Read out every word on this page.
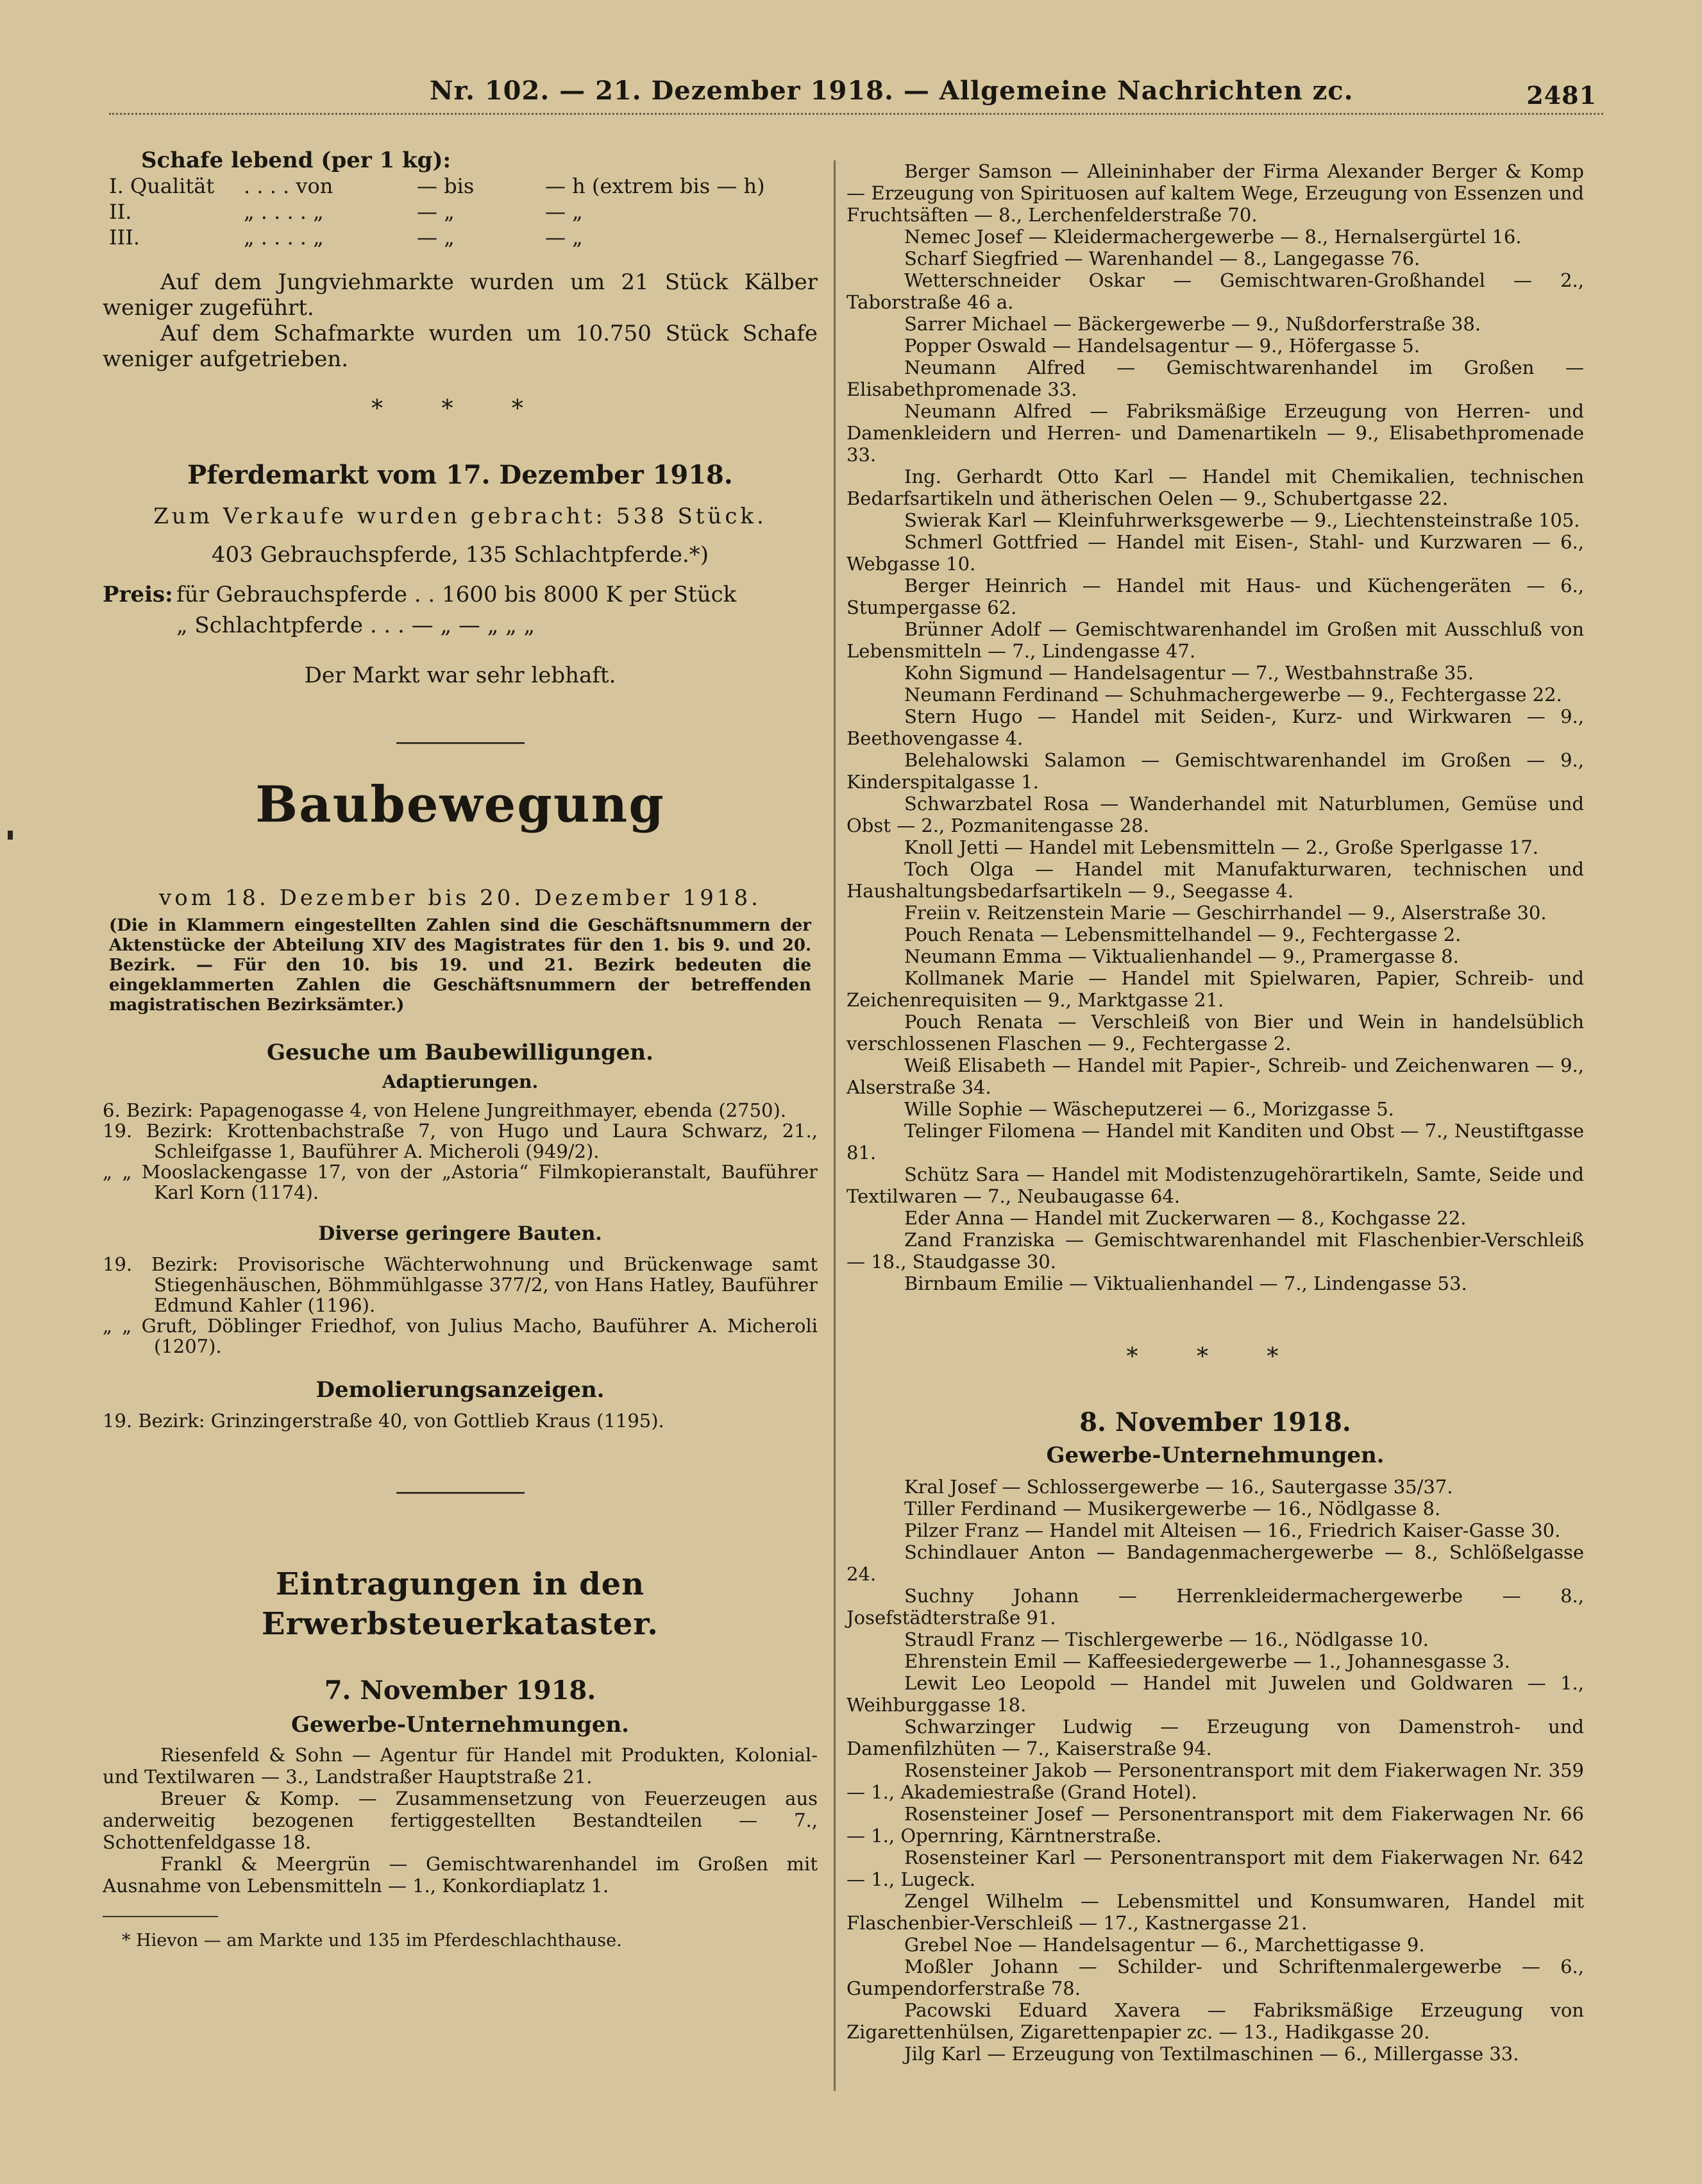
Nr. 102. — 21. Dezember 1918. — Allgemeine Nachrichten zc.	2481

Schafe lebend (per 1 kg):

I. Qualität	. . . . von	— bis	— h (extrem bis — h)
II.	„ . . . . „	— „	— „
III.	„ . . . . „	— „	— „

Auf dem Jungviehmarkte wurden um 21 Stück Kälber weniger zugeführt.

Auf dem Schafmarkte wurden um 10.750 Stück Schafe weniger aufgetrieben.

* * *

Pferdemarkt vom 17. Dezember 1918.

Zum Verkaufe wurden gebracht: 538 Stück.

403 Gebrauchspferde, 135 Schlachtpferde.*)

Preis:	für Gebrauchspferde . . 1600 bis 8000 K per Stück
	„ Schlachtpferde . . . — „ — „ „ „

Der Markt war sehr lebhaft.

Baubewegung

vom 18. Dezember bis 20. Dezember 1918.

(Die in Klammern eingestellten Zahlen sind die Geschäftsnummern der Aktenstücke der Abteilung XIV des Magistrates für den 1. bis 9. und 20. Bezirk. — Für den 10. bis 19. und 21. Bezirk bedeuten die eingeklammerten Zahlen die Geschäftsnummern der betreffenden magistratischen Bezirksämter.)

Gesuche um Baubewilligungen.

Adaptierungen.

6. Bezirk: Papagenogasse 4, von Helene Jungreithmayer, ebenda (2750).

19. Bezirk: Krottenbachstraße 7, von Hugo und Laura Schwarz, 21., Schleifgasse 1, Bauführer A. Micheroli (949/2).

„ „ Mooslackengasse 17, von der „Astoria“ Filmkopieranstalt, Bauführer Karl Korn (1174).

Diverse geringere Bauten.

19. Bezirk: Provisorische Wächterwohnung und Brückenwage samt Stiegenhäuschen, Böhmmühlgasse 377/2, von Hans Hatley, Bauführer Edmund Kahler (1196).

„ „ Gruft, Döblinger Friedhof, von Julius Macho, Bauführer A. Micheroli (1207).

Demolierungsanzeigen.

19. Bezirk: Grinzingerstraße 40, von Gottlieb Kraus (1195).

Eintragungen in den Erwerbsteuerkataster.

7. November 1918.

Gewerbe-Unternehmungen.

Riesenfeld & Sohn — Agentur für Handel mit Produkten, Kolonial- und Textilwaren — 3., Landstraßer Hauptstraße 21.

Breuer & Komp. — Zusammensetzung von Feuerzeugen aus anderweitig bezogenen fertiggestellten Bestandteilen — 7., Schottenfeldgasse 18.

Frankl & Meergrün — Gemischtwarenhandel im Großen mit Ausnahme von Lebensmitteln — 1., Konkordiaplatz 1.

* Hievon — am Markte und 135 im Pferdeschlachthause.

Berger Samson — Alleininhaber der Firma Alexander Berger & Komp — Erzeugung von Spirituosen auf kaltem Wege, Erzeugung von Essenzen und Fruchtsäften — 8., Lerchenfelderstraße 70.

Nemec Josef — Kleidermachergewerbe — 8., Hernalsergürtel 16.

Scharf Siegfried — Warenhandel — 8., Langegasse 76.

Wetterschneider Oskar — Gemischtwaren-Großhandel — 2., Taborstraße 46 a.

Sarrer Michael — Bäckergewerbe — 9., Nußdorferstraße 38.

Popper Oswald — Handelsagentur — 9., Höfergasse 5.

Neumann Alfred — Gemischtwarenhandel im Großen — Elisabethpromenade 33.

Neumann Alfred — Fabriksmäßige Erzeugung von Herren- und Damenkleidern und Herren- und Damenartikeln — 9., Elisabethpromenade 33.

Ing. Gerhardt Otto Karl — Handel mit Chemikalien, technischen Bedarfsartikeln und ätherischen Oelen — 9., Schubertgasse 22.

Swierak Karl — Kleinfuhrwerksgewerbe — 9., Liechtensteinstraße 105.

Schmerl Gottfried — Handel mit Eisen-, Stahl- und Kurzwaren — 6., Webgasse 10.

Berger Heinrich — Handel mit Haus- und Küchengeräten — 6., Stumpergasse 62.

Brünner Adolf — Gemischtwarenhandel im Großen mit Ausschluß von Lebensmitteln — 7., Lindengasse 47.

Kohn Sigmund — Handelsagentur — 7., Westbahnstraße 35.

Neumann Ferdinand — Schuhmachergewerbe — 9., Fechtergasse 22.

Stern Hugo — Handel mit Seiden-, Kurz- und Wirkwaren — 9., Beethovengasse 4.

Belehalowski Salamon — Gemischtwarenhandel im Großen — 9., Kinderspitalgasse 1.

Schwarzbatel Rosa — Wanderhandel mit Naturblumen, Gemüse und Obst — 2., Pozmanitengasse 28.

Knoll Jetti — Handel mit Lebensmitteln — 2., Große Sperlgasse 17.

Toch Olga — Handel mit Manufakturwaren, technischen und Haushaltungsbedarfsartikeln — 9., Seegasse 4.

Freiin v. Reitzenstein Marie — Geschirrhandel — 9., Alserstraße 30.

Pouch Renata — Lebensmittelhandel — 9., Fechtergasse 2.

Neumann Emma — Viktualienhandel — 9., Pramergasse 8.

Kollmanek Marie — Handel mit Spielwaren, Papier, Schreib- und Zeichenrequisiten — 9., Marktgasse 21.

Pouch Renata — Verschleiß von Bier und Wein in handelsüblich verschlossenen Flaschen — 9., Fechtergasse 2.

Weiß Elisabeth — Handel mit Papier-, Schreib- und Zeichenwaren — 9., Alserstraße 34.

Wille Sophie — Wäscheputzerei — 6., Morizgasse 5.

Telinger Filomena — Handel mit Kanditen und Obst — 7., Neustiftgasse 81.

Schütz Sara — Handel mit Modistenzugehörartikeln, Samte, Seide und Textilwaren — 7., Neubaugasse 64.

Eder Anna — Handel mit Zuckerwaren — 8., Kochgasse 22.

Zand Franziska — Gemischtwarenhandel mit Flaschenbier-Verschleiß — 18., Staudgasse 30.

Birnbaum Emilie — Viktualienhandel — 7., Lindengasse 53.

* * *

8. November 1918.

Gewerbe-Unternehmungen.

Kral Josef — Schlossergewerbe — 16., Sautergasse 35/37.

Tiller Ferdinand — Musikergewerbe — 16., Nödlgasse 8.

Pilzer Franz — Handel mit Alteisen — 16., Friedrich Kaiser-Gasse 30.

Schindlauer Anton — Bandagenmachergewerbe — 8., Schlößelgasse 24.

Suchny Johann — Herrenkleidermachergewerbe — 8., Josefstädterstraße 91.

Straudl Franz — Tischlergewerbe — 16., Nödlgasse 10.

Ehrenstein Emil — Kaffeesiedergewerbe — 1., Johannesgasse 3.

Lewit Leo Leopold — Handel mit Juwelen und Goldwaren — 1., Weihburggasse 18.

Schwarzinger Ludwig — Erzeugung von Damenstroh- und Damenfilzhüten — 7., Kaiserstraße 94.

Rosensteiner Jakob — Personentransport mit dem Fiakerwagen Nr. 359 — 1., Akademiestraße (Grand Hotel).

Rosensteiner Josef — Personentransport mit dem Fiakerwagen Nr. 66 — 1., Opernring, Kärntnerstraße.

Rosensteiner Karl — Personentransport mit dem Fiakerwagen Nr. 642 — 1., Lugeck.

Zengel Wilhelm — Lebensmittel und Konsumwaren, Handel mit Flaschenbier-Verschleiß — 17., Kastnergasse 21.

Grebel Noe — Handelsagentur — 6., Marchettigasse 9.

Moßler Johann — Schilder- und Schriftenmalergewerbe — 6., Gumpendorferstraße 78.

Pacowski Eduard Xavera — Fabriksmäßige Erzeugung von Zigarettenhülsen, Zigarettenpapier zc. — 13., Hadikgasse 20.

Jilg Karl — Erzeugung von Textilmaschinen — 6., Millergasse 33.
